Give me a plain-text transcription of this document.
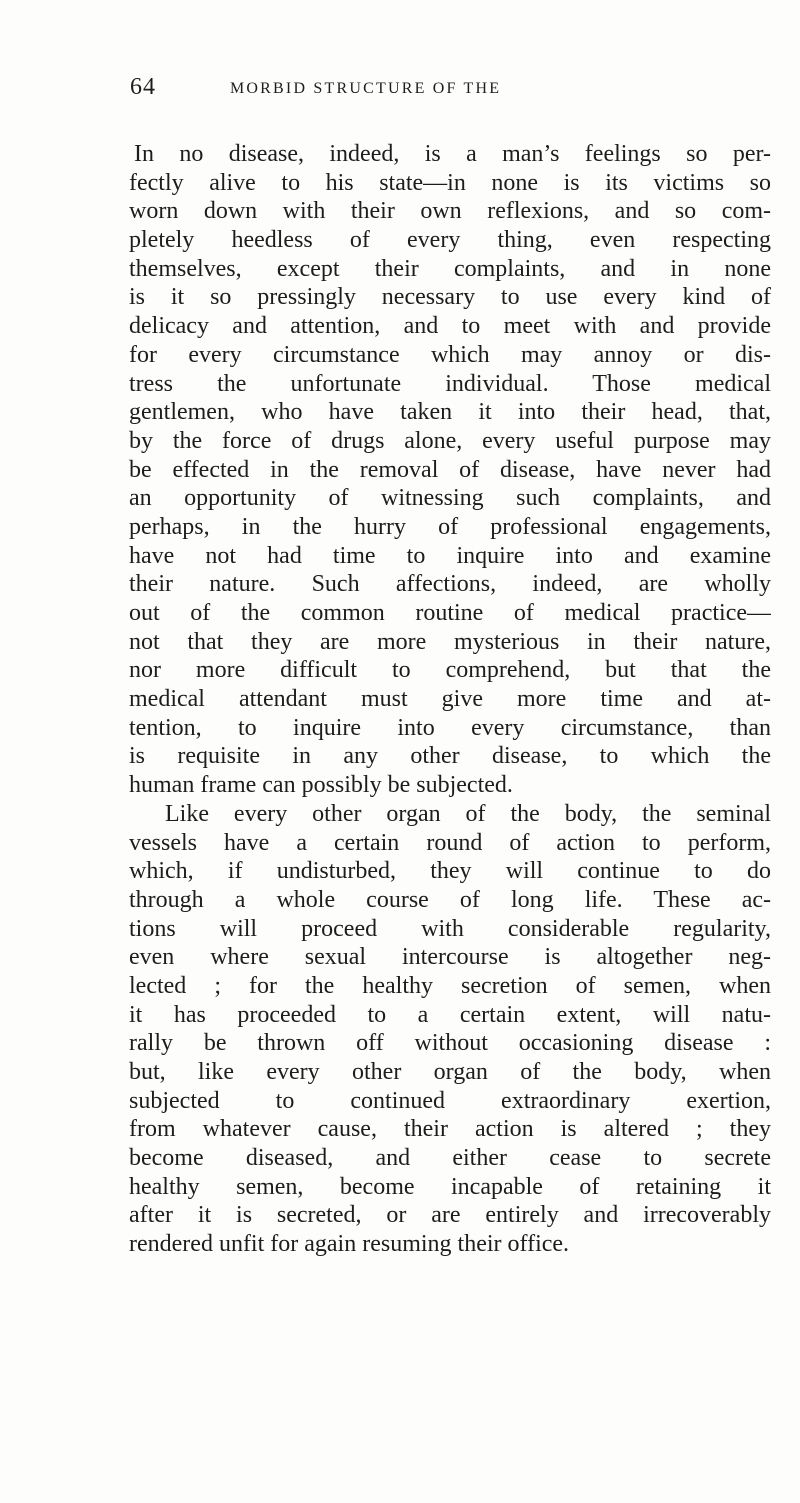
64	MORBID STRUCTURE OF THE
In no disease, indeed, is a man’s feelings so per-
fectly alive to his state—in none is its victims so
worn down with their own reflexions, and so com-
pletely heedless of every thing, even respecting
themselves, except their complaints, and in none
is it so pressingly necessary to use every kind of
delicacy and attention, and to meet with and provide
for every circumstance which may annoy or dis-
tress the unfortunate individual. Those medical
gentlemen, who have taken it into their head, that,
by the force of drugs alone, every useful purpose may
be effected in the removal of disease, have never had
an opportunity of witnessing such complaints, and
perhaps, in the hurry of professional engagements,
have not had time to inquire into and examine
their nature. Such affections, indeed, are wholly
out of the common routine of medical practice—
not that they are more mysterious in their nature,
nor more difficult to comprehend, but that the
medical attendant must give more time and at-
tention, to inquire into every circumstance, than
is requisite in any other disease, to which the
human frame can possibly be subjected.
Like every other organ of the body, the seminal
vessels have a certain round of action to perform,
which, if undisturbed, they will continue to do
through a whole course of long life. These ac-
tions will proceed with considerable regularity,
even where sexual intercourse is altogether neg-
lected ; for the healthy secretion of semen, when
it has proceeded to a certain extent, will natu-
rally be thrown off without occasioning disease :
but, like every other organ of the body, when
subjected to continued extraordinary exertion,
from whatever cause, their action is altered ; they
become diseased, and either cease to secrete
healthy semen, become incapable of retaining it
after it is secreted, or are entirely and irrecoverably
rendered unfit for again resuming their office.
